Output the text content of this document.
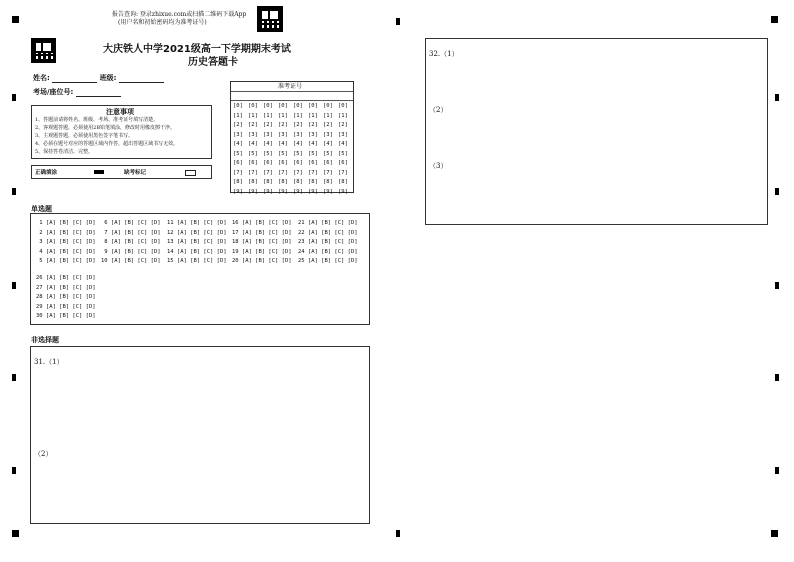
报告查询: 登录zhixue.com或扫描二维码下载App
(用户名和初始密码均为准考证号)
大庆铁人中学2021级高一下学期期末考试
历史答题卡
姓名:	班级:
考场/座位号:
注意事项
1、答题前请将姓名、班级、考场、准考证号填写清楚。
2、客观题答题，必须使用2B铅笔填涂，修改时用橡皮擦干净。
3、主观题答题，必须使用黑色签字笔书写。
4、必须在题号对应的答题区域内作答，超出答题区域书写无效。
5、保持答卷清洁、完整。
正确填涂	缺考标记
准考证号
[0]
[1]
[2]
[3]
[4]
[5]
[6]
[7]
[8]
[9]
[0]
[1]
[2]
[3]
[4]
[5]
[6]
[7]
[8]
[9]
[0]
[1]
[2]
[3]
[4]
[5]
[6]
[7]
[8]
[9]
[0]
[1]
[2]
[3]
[4]
[5]
[6]
[7]
[8]
[9]
[0]
[1]
[2]
[3]
[4]
[5]
[6]
[7]
[8]
[9]
[0]
[1]
[2]
[3]
[4]
[5]
[6]
[7]
[8]
[9]
[0]
[1]
[2]
[3]
[4]
[5]
[6]
[7]
[8]
[9]
[0]
[1]
[2]
[3]
[4]
[5]
[6]
[7]
[8]
[9]
单选题
1 [A] [B] [C] [D]
2 [A] [B] [C] [D]
3 [A] [B] [C] [D]
4 [A] [B] [C] [D]
5 [A] [B] [C] [D]
6 [A] [B] [C] [D]
7 [A] [B] [C] [D]
8 [A] [B] [C] [D]
9 [A] [B] [C] [D]
10 [A] [B] [C] [D]
11 [A] [B] [C] [D]
12 [A] [B] [C] [D]
13 [A] [B] [C] [D]
14 [A] [B] [C] [D]
15 [A] [B] [C] [D]
16 [A] [B] [C] [D]
17 [A] [B] [C] [D]
18 [A] [B] [C] [D]
19 [A] [B] [C] [D]
20 [A] [B] [C] [D]
21 [A] [B] [C] [D]
22 [A] [B] [C] [D]
23 [A] [B] [C] [D]
24 [A] [B] [C] [D]
25 [A] [B] [C] [D]
26 [A] [B] [C] [D]
27 [A] [B] [C] [D]
28 [A] [B] [C] [D]
29 [A] [B] [C] [D]
30 [A] [B] [C] [D]
非选择题
31.（1）
（2）
32.（1）
（2）
（3）
